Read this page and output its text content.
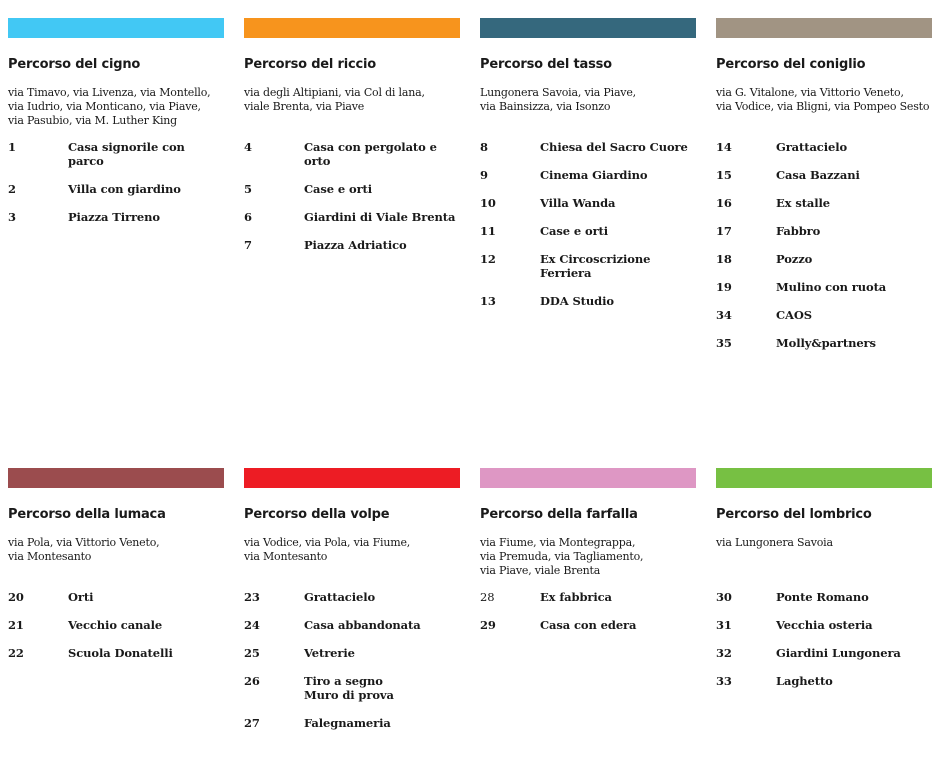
Percorso del cigno
via Timavo, via Livenza, via Montello,
via Iudrio, via Monticano, via Piave,
via Pasubio, via M. Luther King
1	Casa signorile con parco
2	Villa con giardino
3	Piazza Tirreno
Percorso del riccio
via degli Altipiani, via Col di lana,
viale Brenta, via Piave
4	Casa con pergolato e orto
5	Case e orti
6	Giardini di Viale Brenta
7	Piazza Adriatico
Percorso del tasso
Lungonera Savoia, via Piave,
via Bainsizza, via Isonzo
8	Chiesa del Sacro Cuore
9	Cinema Giardino
10	Villa Wanda
11	Case e orti
12	Ex Circoscrizione Ferriera
13	DDA Studio
Percorso del coniglio
via G. Vitalone, via Vittorio Veneto,
via Vodice, via Bligni, via Pompeo Sesto
14	Grattacielo
15	Casa Bazzani
16	Ex stalle
17	Fabbro
18	Pozzo
19	Mulino con ruota
34	CAOS
35	Molly&partners
Percorso della lumaca
via Pola, via Vittorio Veneto,
via Montesanto
20	Orti
21	Vecchio canale
22	Scuola Donatelli
Percorso della volpe
via Vodice, via Pola, via Fiume,
via Montesanto
23	Grattacielo
24	Casa abbandonata
25	Vetrerie
26	Tiro a segno
Muro di prova
27	Falegnameria
Percorso della farfalla
via Fiume, via Montegrappa,
via Premuda, via Tagliamento,
via Piave, viale Brenta
28	Ex fabbrica
29	Casa con edera
Percorso del lombrico
via Lungonera Savoia
30	Ponte Romano
31	Vecchia osteria
32	Giardini Lungonera
33	Laghetto
